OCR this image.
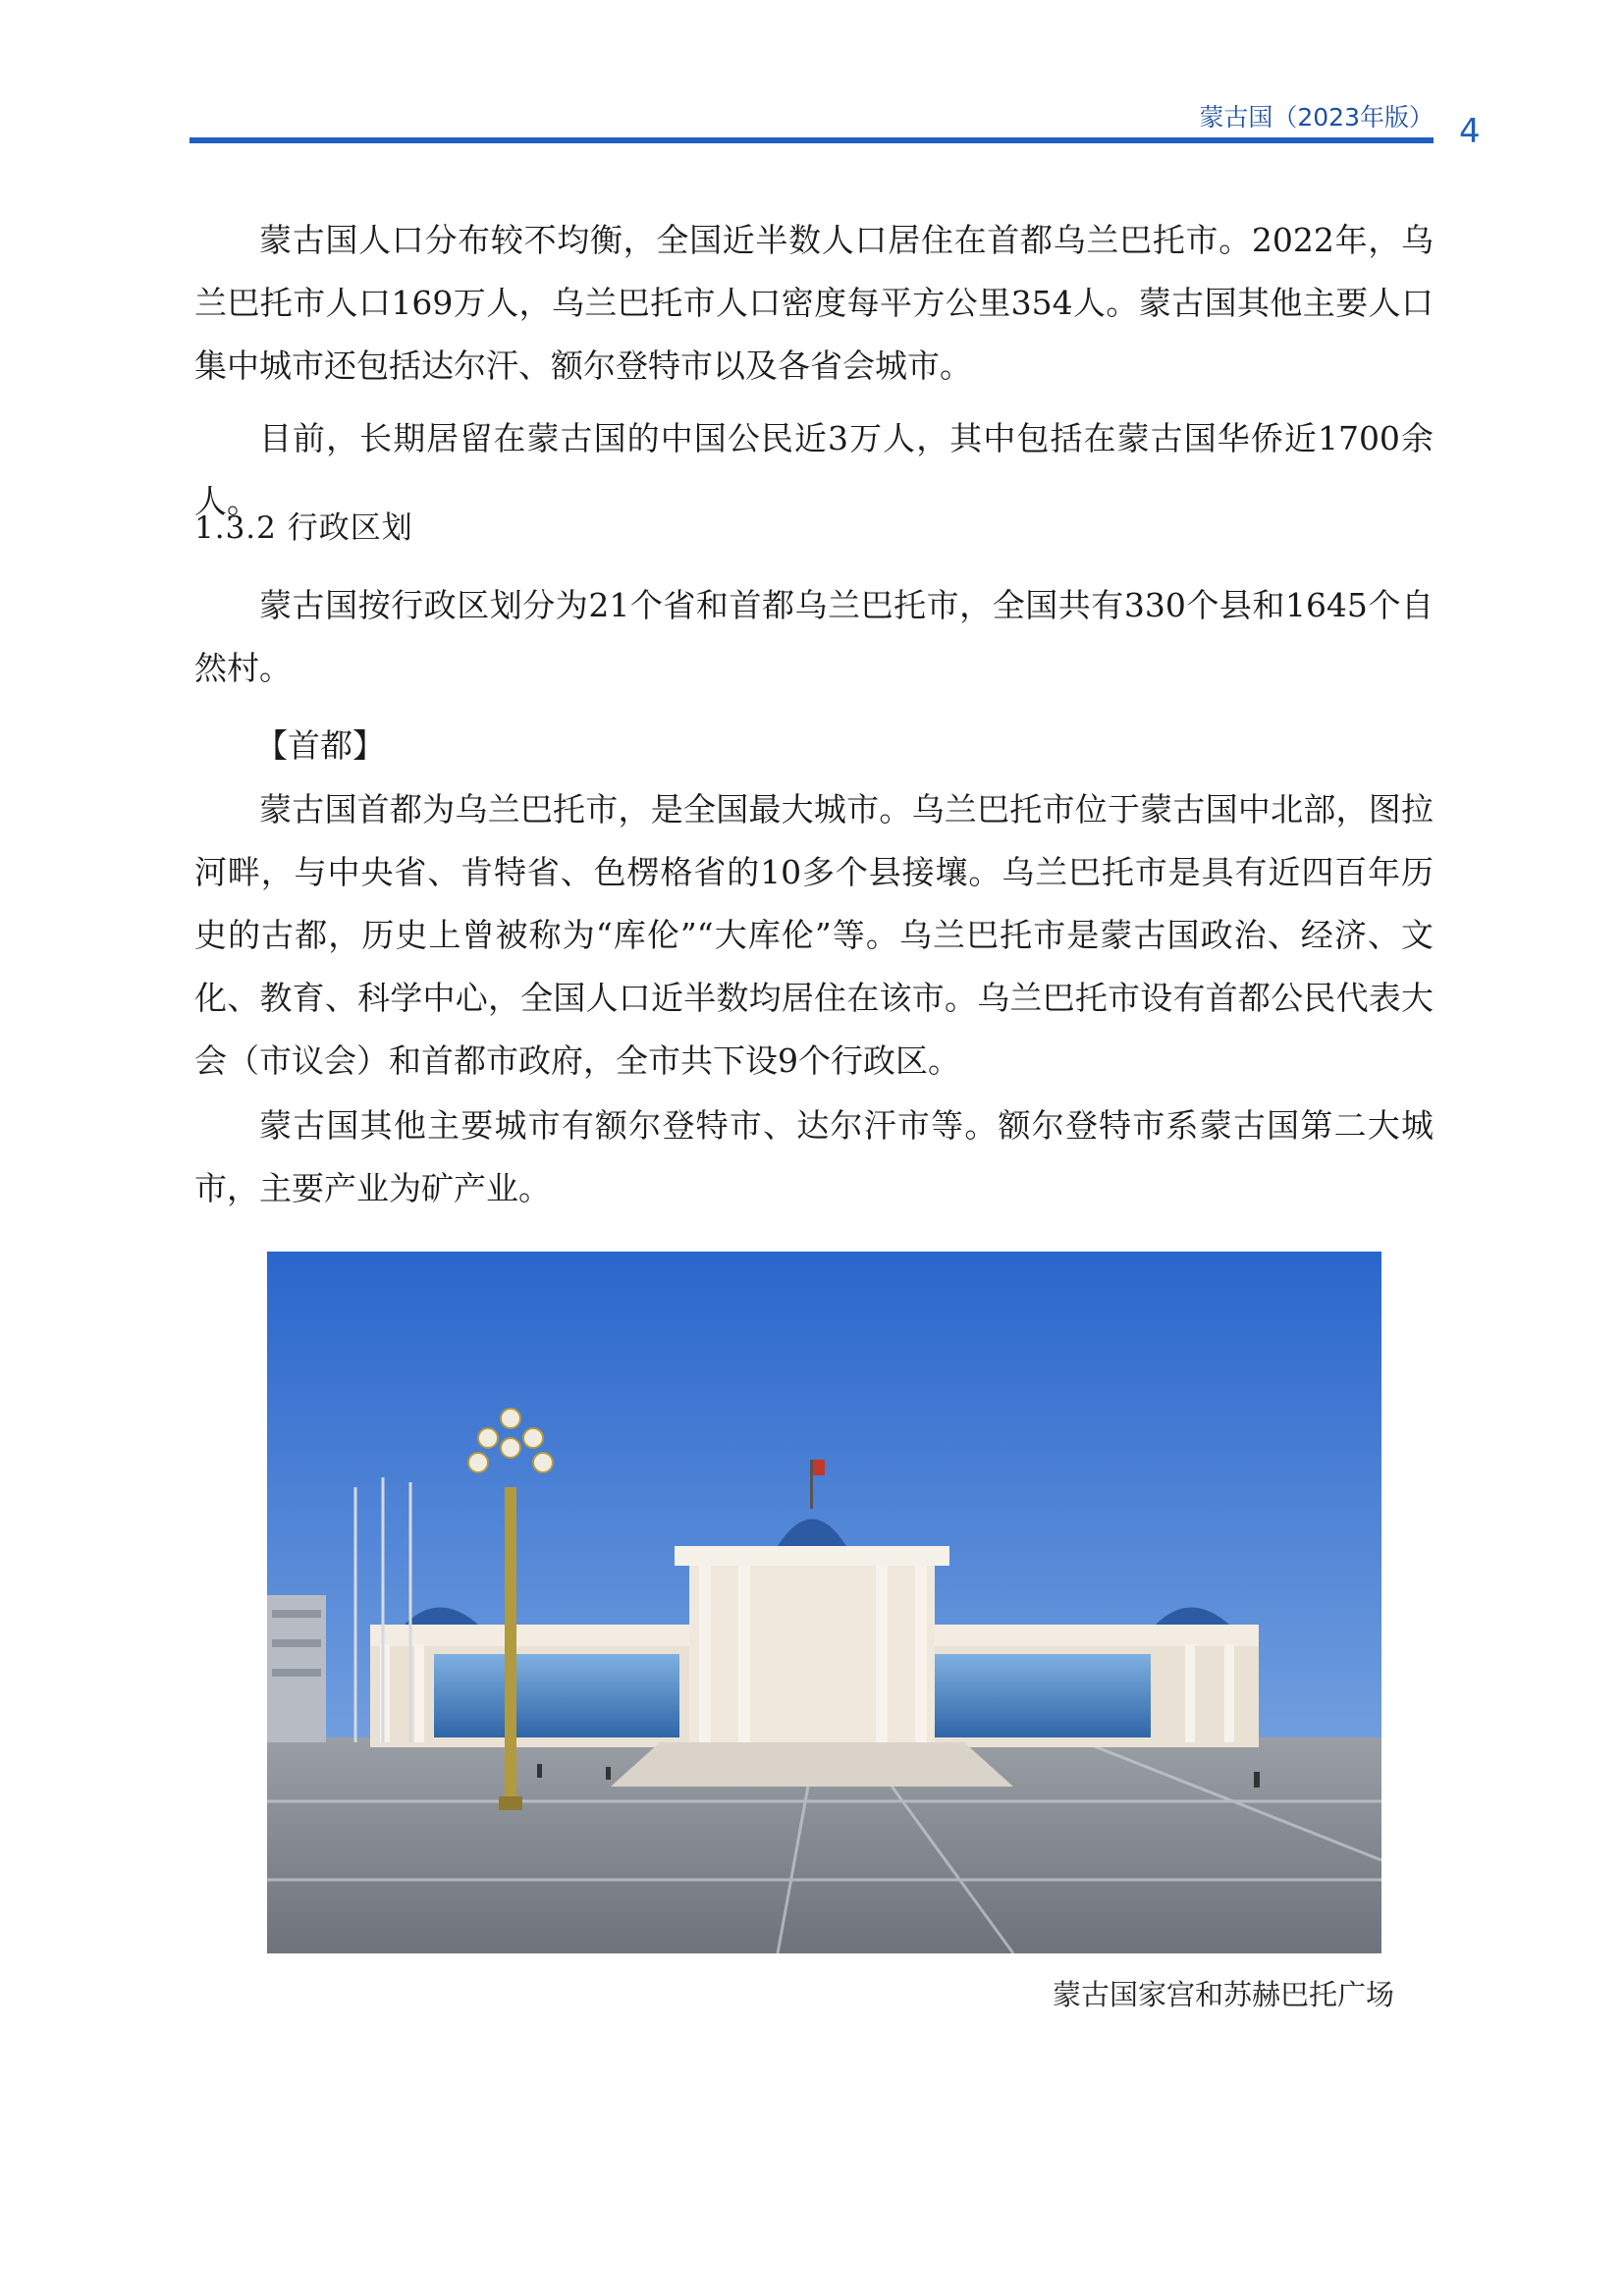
蒙古国（2023年版） 4

蒙古国人口分布较不均衡，全国近半数人口居住在首都乌兰巴托市。2022年，乌兰巴托市人口169万人，乌兰巴托市人口密度每平方公里354人。蒙古国其他主要人口集中城市还包括达尔汗、额尔登特市以及各省会城市。

目前，长期居留在蒙古国的中国公民近3万人，其中包括在蒙古国华侨近1700余人。

1.3.2 行政区划

蒙古国按行政区划分为21个省和首都乌兰巴托市，全国共有330个县和1645个自然村。

【首都】

蒙古国首都为乌兰巴托市，是全国最大城市。乌兰巴托市位于蒙古国中北部，图拉河畔，与中央省、肯特省、色楞格省的10多个县接壤。乌兰巴托市是具有近四百年历史的古都，历史上曾被称为“库伦”“大库伦”等。乌兰巴托市是蒙古国政治、经济、文化、教育、科学中心，全国人口近半数均居住在该市。乌兰巴托市设有首都公民代表大会（市议会）和首都市政府，全市共下设9个行政区。

蒙古国其他主要城市有额尔登特市、达尔汗市等。额尔登特市系蒙古国第二大城市，主要产业为矿产业。

蒙古国家宫和苏赫巴托广场
